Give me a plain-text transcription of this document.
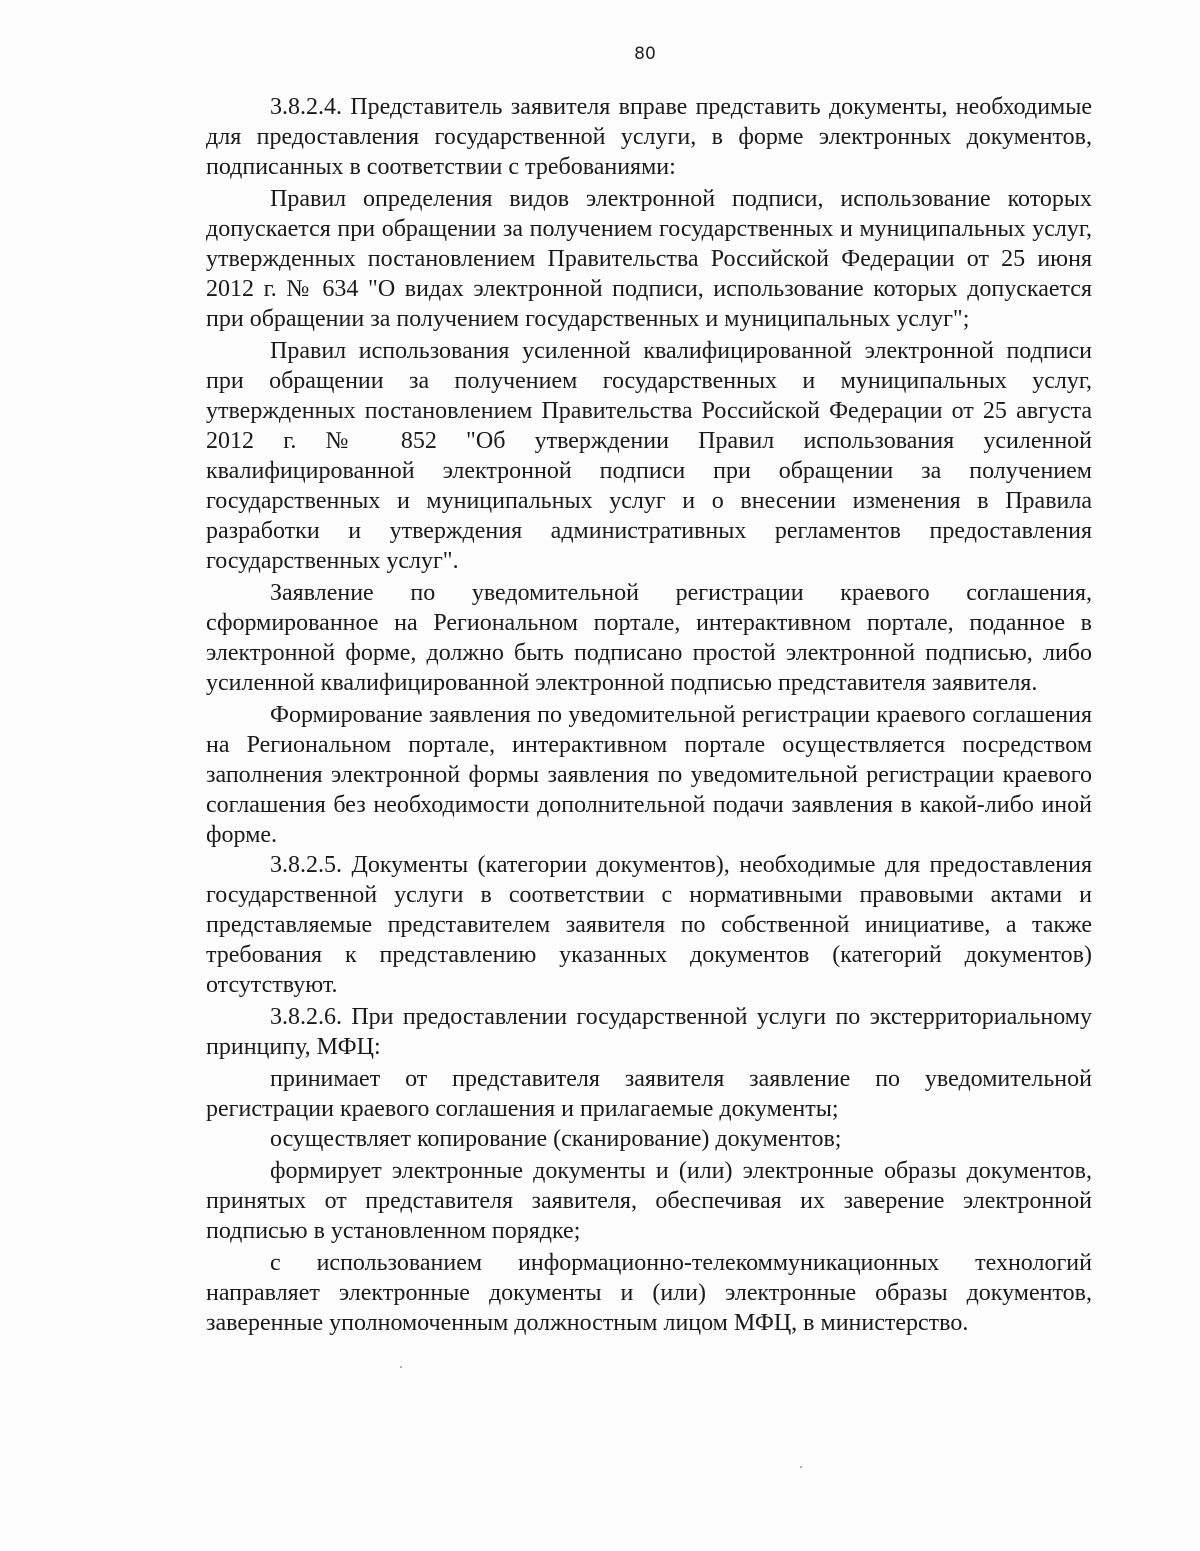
80

3.8.2.4. Представитель заявителя вправе представить документы, необходимые для предоставления государственной услуги, в форме электронных документов, подписанных в соответствии с требованиями:

Правил определения видов электронной подписи, использование которых допускается при обращении за получением государственных и муниципальных услуг, утвержденных постановлением Правительства Российской Федерации от 25 июня 2012 г. № 634 "О видах электронной подписи, использование которых допускается при обращении за получением государственных и муниципальных услуг";

Правил использования усиленной квалифицированной электронной подписи при обращении за получением государственных и муниципальных услуг, утвержденных постановлением Правительства Российской Федерации от 25 августа 2012 г. № 852 "Об утверждении Правил использования усиленной квалифицированной электронной подписи при обращении за получением государственных и муниципальных услуг и о внесении изменения в Правила разработки и утверждения административных регламентов предоставления государственных услуг".

Заявление по уведомительной регистрации краевого соглашения, сформированное на Региональном портале, интерактивном портале, поданное в электронной форме, должно быть подписано простой электронной подписью, либо усиленной квалифицированной электронной подписью представителя заявителя.

Формирование заявления по уведомительной регистрации краевого соглашения на Региональном портале, интерактивном портале осуществляется посредством заполнения электронной формы заявления по уведомительной регистрации краевого соглашения без необходимости дополнительной подачи заявления в какой-либо иной форме.

3.8.2.5. Документы (категории документов), необходимые для предоставления государственной услуги в соответствии с нормативными правовыми актами и представляемые представителем заявителя по собственной инициативе, а также требования к представлению указанных документов (категорий документов) отсутствуют.

3.8.2.6. При предоставлении государственной услуги по экстерриториальному принципу, МФЦ:

принимает от представителя заявителя заявление по уведомительной регистрации краевого соглашения и прилагаемые документы;

осуществляет копирование (сканирование) документов;

формирует электронные документы и (или) электронные образы документов, принятых от представителя заявителя, обеспечивая их заверение электронной подписью в установленном порядке;

с использованием информационно-телекоммуникационных технологий направляет электронные документы и (или) электронные образы документов, заверенные уполномоченным должностным лицом МФЦ, в министерство.
